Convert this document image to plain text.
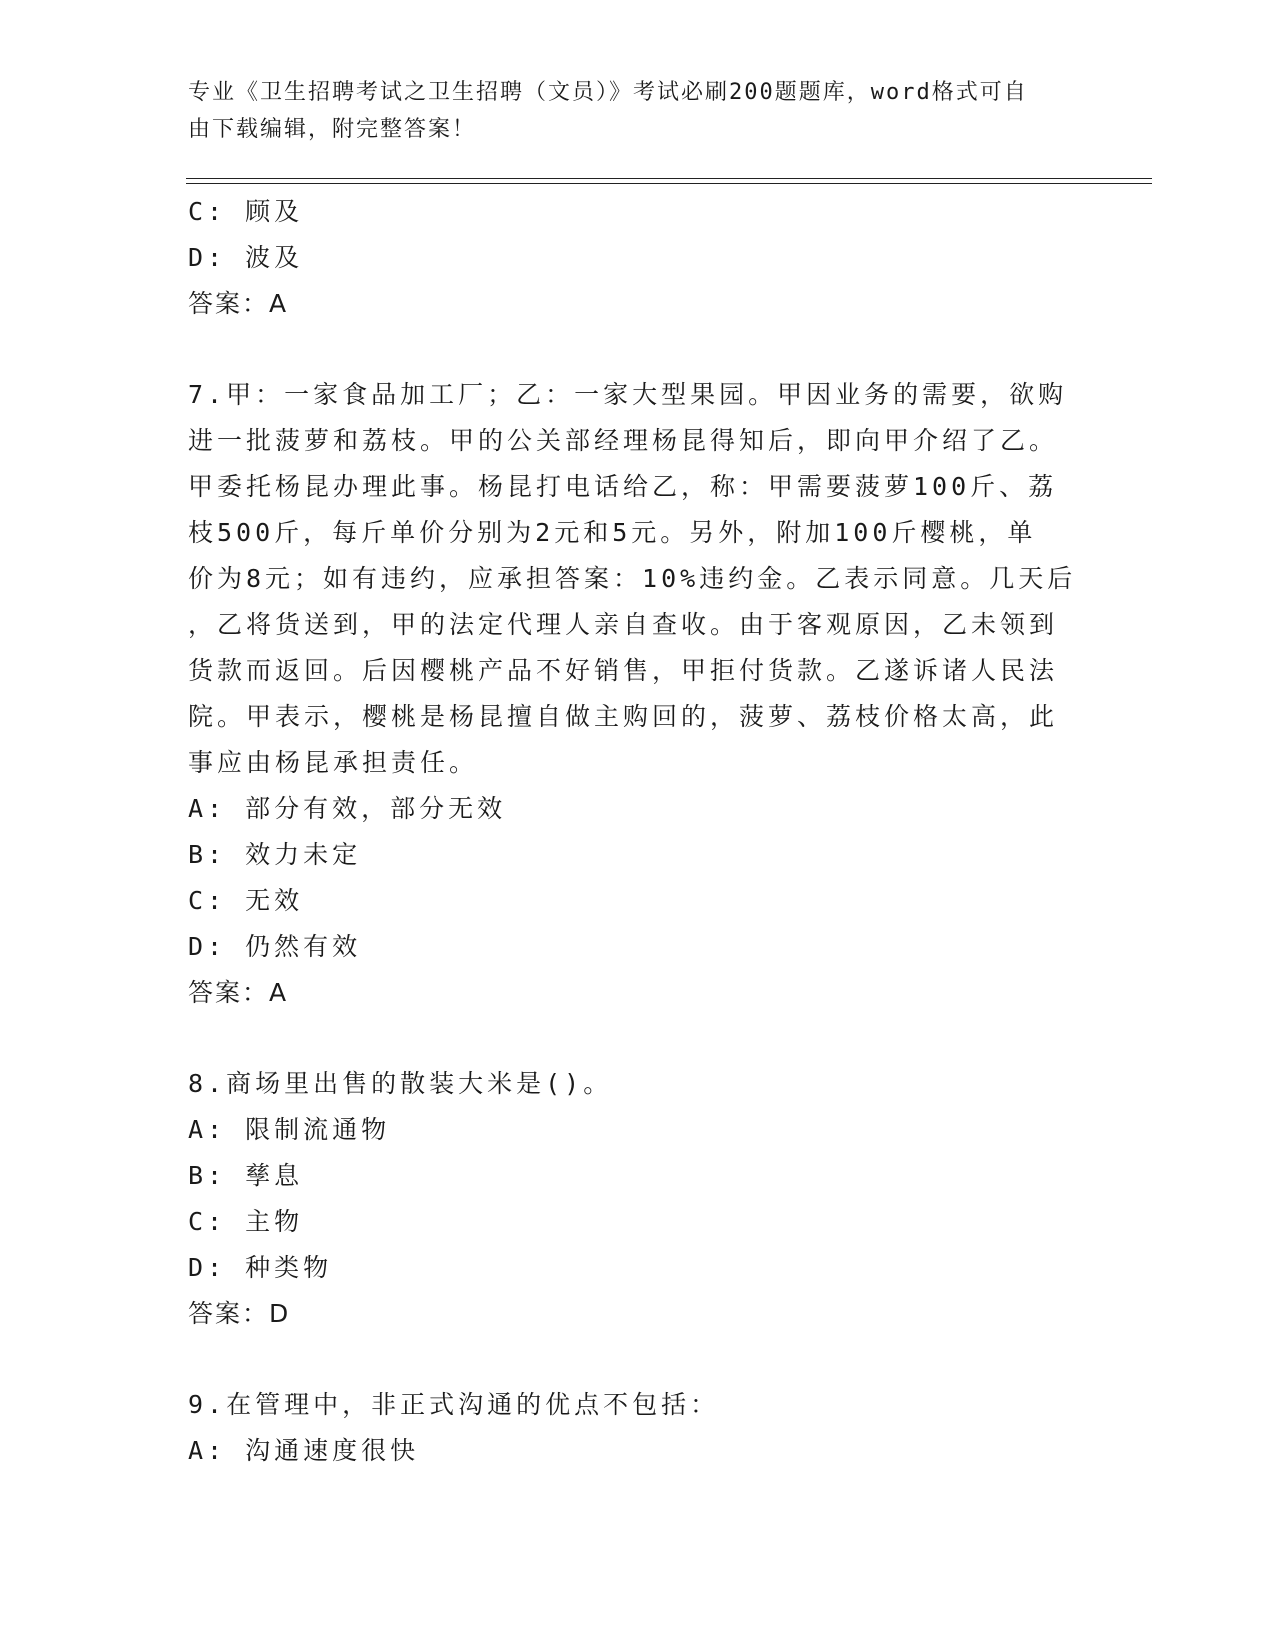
专业《卫生招聘考试之卫生招聘（文员）》考试必刷200题题库，word格式可自
由下载编辑，附完整答案！
C: 顾及
D: 波及
答案：A
7.甲：一家食品加工厂；乙：一家大型果园。甲因业务的需要，欲购
进一批菠萝和荔枝。甲的公关部经理杨昆得知后，即向甲介绍了乙。
甲委托杨昆办理此事。杨昆打电话给乙，称：甲需要菠萝100斤、荔
枝500斤，每斤单价分别为2元和5元。另外，附加100斤樱桃，单
价为8元；如有违约，应承担答案：10%违约金。乙表示同意。几天后
，乙将货送到，甲的法定代理人亲自查收。由于客观原因，乙未领到
货款而返回。后因樱桃产品不好销售，甲拒付货款。乙遂诉诸人民法
院。甲表示，樱桃是杨昆擅自做主购回的，菠萝、荔枝价格太高，此
事应由杨昆承担责任。
A: 部分有效，部分无效
B: 效力未定
C: 无效
D: 仍然有效
答案：A
8.商场里出售的散装大米是()。
A: 限制流通物
B: 孳息
C: 主物
D: 种类物
答案：D
9.在管理中，非正式沟通的优点不包括：
A: 沟通速度很快
